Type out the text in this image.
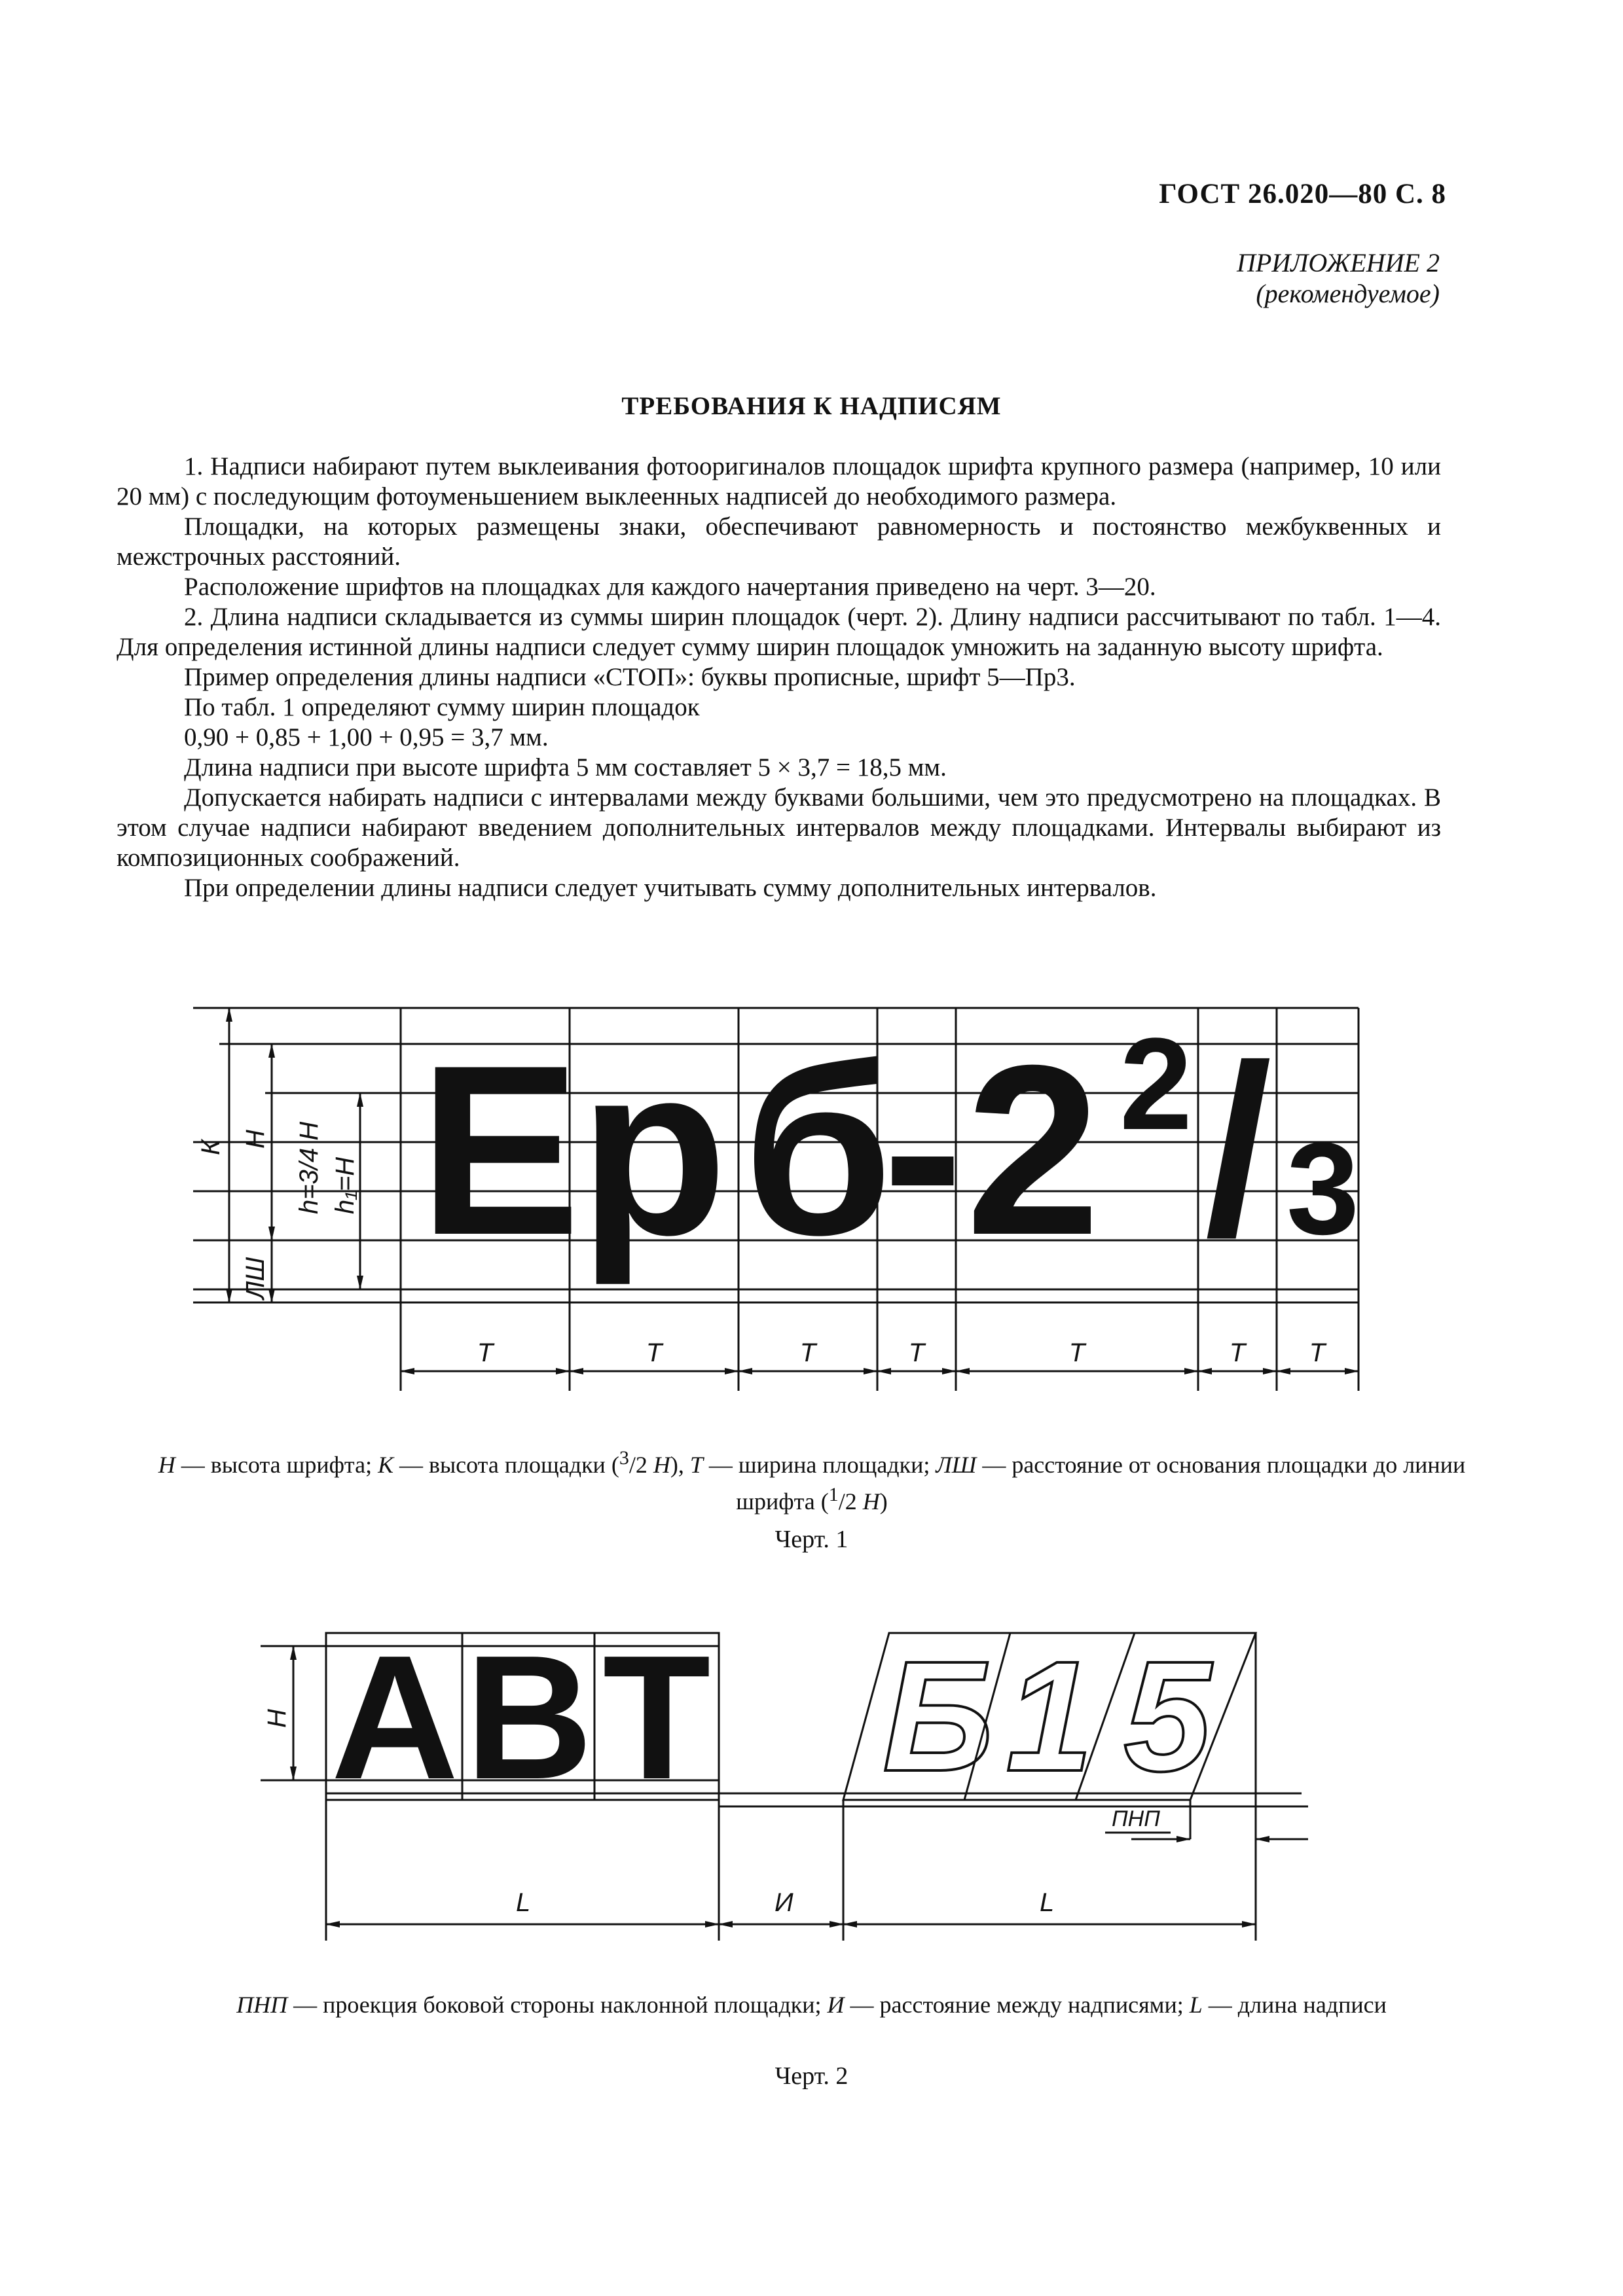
ГОСТ 26.020—80 С. 8
ПРИЛОЖЕНИЕ 2
(рекомендуемое)
ТРЕБОВАНИЯ К НАДПИСЯМ

1. Надписи набирают путем выклеивания фотооригиналов площадок шрифта крупного размера (например, 10 или 20 мм) с последующим фотоуменьшением выклеенных надписей до необходимого размера.

Площадки, на которых размещены знаки, обеспечивают равномерность и постоянство межбуквенных и межстрочных расстояний.

Расположение шрифтов на площадках для каждого начертания приведено на черт. 3—20.

2. Длина надписи складывается из суммы ширин площадок (черт. 2). Длину надписи рассчитывают по табл. 1—4. Для определения истинной длины надписи следует сумму ширин площадок умножить на заданную высоту шрифта.

Пример определения длины надписи «СТОП»: буквы прописные, шрифт 5—Пр3.

По табл. 1 определяют сумму ширин площадок

0,90 + 0,85 + 1,00 + 0,95 = 3,7 мм.

Длина надписи при высоте шрифта 5 мм составляет 5 × 3,7 = 18,5 мм.

Допускается набирать надписи с интервалами между буквами большими, чем это предусмотрено на площадках. В этом случае надписи набирают введением дополнительных интервалов между площадками. Интервалы выбирают из композиционных соображений.

При определении длины надписи следует учитывать сумму дополнительных интервалов.

Е
р б
- 2 2 / 3
К Н h=3/4 H h₁=H
ЛШ
Т	Т	Т	Т	Т	Т Т
Н — высота шрифта; К — высота площадки ($^3$/2 Н), Т — ширина площадки; ЛШ — расстояние от основания площадки до линии шрифта ($^1$/2 Н)
Черт. 1
А В Т Б 1 5
Н
L	И	L
ПНП
ПНП — проекция боковой стороны наклонной площадки; И — расстояние между надписями; L — длина надписи
Черт. 2
